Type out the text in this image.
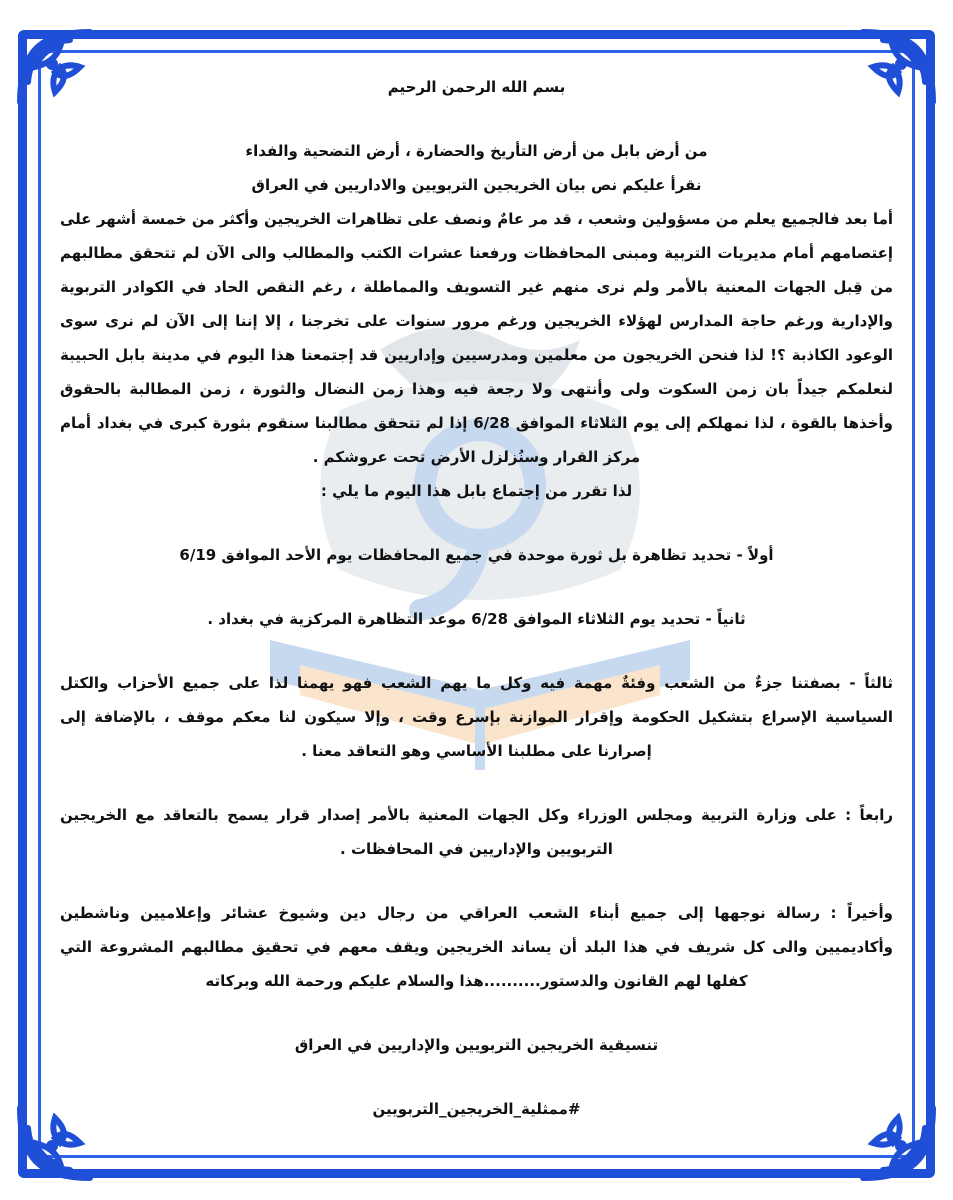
بسم الله الرحمن الرحيم

من أرض بابل من أرض التأريخ والحضارة ، أرض التضحية والفداء

نقرأ عليكم نص بيان الخريجين التربويين والاداريين في العراق

أما بعد فالجميع يعلم من مسؤولين وشعب ، قد مر عامٌ ونصف على تظاهرات الخريجين وأكثر من خمسة أشهر على إعتصامهم أمام مديريات التربية ومبنى المحافظات ورفعنا عشرات الكتب والمطالب والى الآن لم تتحقق مطالبهم من قِبل الجهات المعنية بالأمر ولم نرى منهم غير التسويف والمماطلة ، رغم النقص الحاد في الكوادر التربوية والإدارية ورغم حاجة المدارس لهؤلاء الخريجين ورغم مرور سنوات على تخرجنا ، إلا إننا إلى الآن لم نرى سوى الوعود الكاذبة ؟! لذا فنحن الخريجون من معلمين ومدرسيين وإداريين قد إجتمعنا هذا اليوم في مدينة بابل الحبيبة لنعلمكم جيداً بان زمن السكوت ولى وأنتهى ولا رجعة فيه وهذا زمن النضال والثورة ، زمن المطالبة بالحقوق وأخذها بالقوة ، لذا نمهلكم إلى يوم الثلاثاء الموافق 6/28 إذا لم تتحقق مطالبنا سنقوم بثورة كبرى في بغداد أمام مركز القرار وسنُزلزل الأرض تحت عروشكم .

لذا تقرر من إجتماع بابل هذا اليوم ما يلي :

أولاً - تحديد تظاهرة بل ثورة موحدة في جميع المحافظات يوم الأحد الموافق 6/19

ثانياً - تحديد يوم الثلاثاء الموافق 6/28 موعد التظاهرة المركزية في بغداد .

ثالثاً - بصفتنا جزءٌ من الشعب وفئةٌ مهمة فيه وكل ما يهم الشعب فهو يهمنا لذا على جميع الأحزاب والكتل السياسية الإسراع بتشكيل الحكومة وإقرار الموازنة بإسرع وقت ، وإلا سيكون لنا معكم موقف ، بالإضافة إلى إصرارنا على مطلبنا الأساسي وهو التعاقد معنا .

رابعاً : على وزارة التربية ومجلس الوزراء وكل الجهات المعنية بالأمر إصدار قرار يسمح بالتعاقد مع الخريجين التربويين والإداريين في المحافظات .

وأخيراً : رسالة نوجهها إلى جميع أبناء الشعب العراقي من رجال دين وشيوخ عشائر وإعلاميين وناشطين وأكاديميين والى كل شريف في هذا البلد أن يساند الخريجين ويقف معهم في تحقيق مطالبهم المشروعة التي كفلها لهم القانون والدستور..........هذا والسلام عليكم ورحمة الله وبركاته

تنسيقية الخريجين التربويين والإداريين في العراق

#ممثلية_الخريجين_التربويين
